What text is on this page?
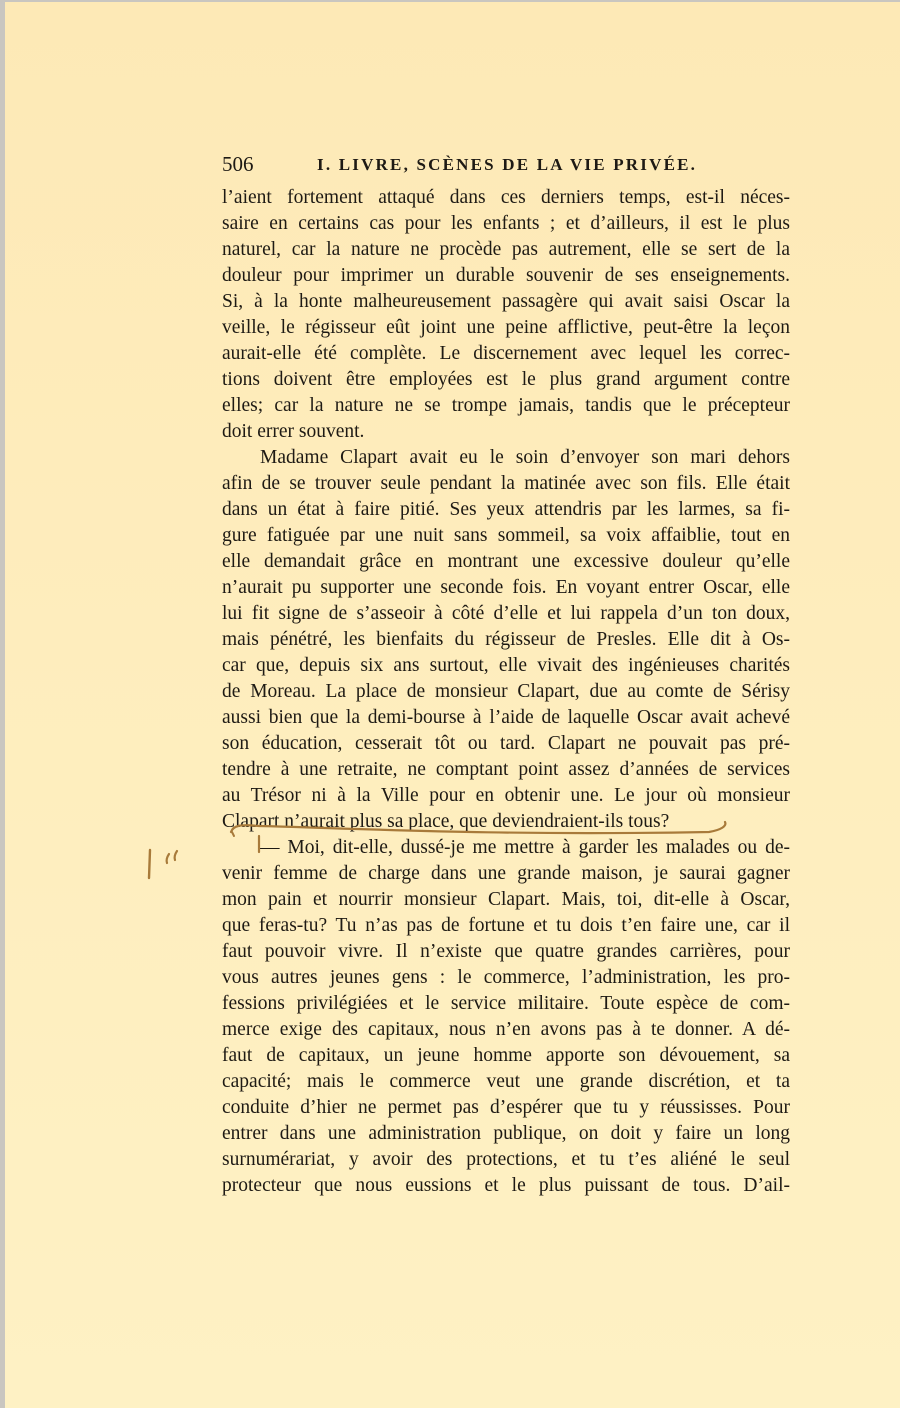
506	I. LIVRE, SCÈNES DE LA VIE PRIVÉE.
l’aient fortement attaqué dans ces derniers temps, est-il néces-
saire en certains cas pour les enfants ; et d’ailleurs, il est le plus
naturel, car la nature ne procède pas autrement, elle se sert de la
douleur pour imprimer un durable souvenir de ses enseignements.
Si, à la honte malheureusement passagère qui avait saisi Oscar la
veille, le régisseur eût joint une peine afflictive, peut-être la leçon
aurait-elle été complète. Le discernement avec lequel les correc-
tions doivent être employées est le plus grand argument contre
elles; car la nature ne se trompe jamais, tandis que le précepteur
doit errer souvent.
Madame Clapart avait eu le soin d’envoyer son mari dehors
afin de se trouver seule pendant la matinée avec son fils. Elle était
dans un état à faire pitié. Ses yeux attendris par les larmes, sa fi-
gure fatiguée par une nuit sans sommeil, sa voix affaiblie, tout en
elle demandait grâce en montrant une excessive douleur qu’elle
n’aurait pu supporter une seconde fois. En voyant entrer Oscar, elle
lui fit signe de s’asseoir à côté d’elle et lui rappela d’un ton doux,
mais pénétré, les bienfaits du régisseur de Presles. Elle dit à Os-
car que, depuis six ans surtout, elle vivait des ingénieuses charités
de Moreau. La place de monsieur Clapart, due au comte de Sérisy
aussi bien que la demi-bourse à l’aide de laquelle Oscar avait achevé
son éducation, cesserait tôt ou tard. Clapart ne pouvait pas pré-
tendre à une retraite, ne comptant point assez d’années de services
au Trésor ni à la Ville pour en obtenir une. Le jour où monsieur
Clapart n’aurait plus sa place, que deviendraient-ils tous?
— Moi, dit-elle, dussé-je me mettre à garder les malades ou de-
venir femme de charge dans une grande maison, je saurai gagner
mon pain et nourrir monsieur Clapart. Mais, toi, dit-elle à Oscar,
que feras-tu? Tu n’as pas de fortune et tu dois t’en faire une, car il
faut pouvoir vivre. Il n’existe que quatre grandes carrières, pour
vous autres jeunes gens : le commerce, l’administration, les pro-
fessions privilégiées et le service militaire. Toute espèce de com-
merce exige des capitaux, nous n’en avons pas à te donner. A dé-
faut de capitaux, un jeune homme apporte son dévouement, sa
capacité; mais le commerce veut une grande discrétion, et ta
conduite d’hier ne permet pas d’espérer que tu y réussisses. Pour
entrer dans une administration publique, on doit y faire un long
surnumérariat, y avoir des protections, et tu t’es aliéné le seul
protecteur que nous eussions et le plus puissant de tous. D’ail-
